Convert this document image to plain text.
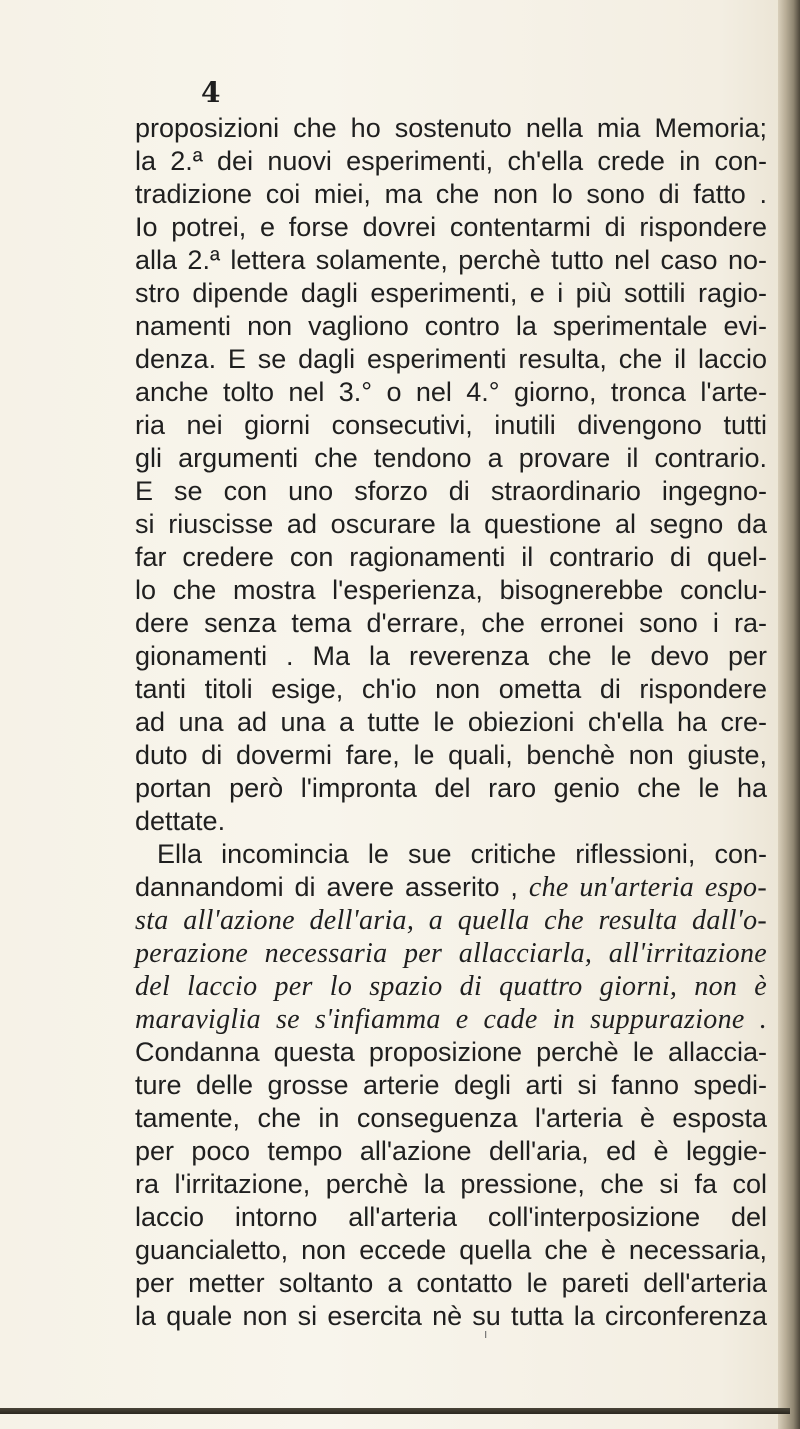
4
proposizioni che ho sostenuto nella mia Memoria;
la 2.ª dei nuovi esperimenti, ch'ella crede in con-
tradizione coi miei, ma che non lo sono di fatto .
Io potrei, e forse dovrei contentarmi di rispondere
alla 2.ª lettera solamente, perchè tutto nel caso no-
stro dipende dagli esperimenti, e i più sottili ragio-
namenti non vagliono contro la sperimentale evi-
denza. E se dagli esperimenti resulta, che il laccio
anche tolto nel 3.° o nel 4.° giorno, tronca l'arte-
ria nei giorni consecutivi, inutili divengono tutti
gli argumenti che tendono a provare il contrario.
E se con uno sforzo di straordinario ingegno-
si riuscisse ad oscurare la questione al segno da
far credere con ragionamenti il contrario di quel-
lo che mostra l'esperienza, bisognerebbe conclu-
dere senza tema d'errare, che erronei sono i ra-
gionamenti . Ma la reverenza che le devo per
tanti titoli esige, ch'io non ometta di rispondere
ad una ad una a tutte le obiezioni ch'ella ha cre-
duto di dovermi fare, le quali, benchè non giuste,
portan però l'impronta del raro genio che le ha
dettate.
Ella incomincia le sue critiche riflessioni, con-
dannandomi di avere asserito , che un'arteria espo-
sta all'azione dell'aria, a quella che resulta dall'o-
perazione necessaria per allacciarla, all'irritazione
del laccio per lo spazio di quattro giorni, non è
maraviglia se s'infiamma e cade in suppurazione .
Condanna questa proposizione perchè le allaccia-
ture delle grosse arterie degli arti si fanno spedi-
tamente, che in conseguenza l'arteria è esposta
per poco tempo all'azione dell'aria, ed è leggie-
ra l'irritazione, perchè la pressione, che si fa col
laccio intorno all'arteria coll'interposizione del
guancialetto, non eccede quella che è necessaria,
per metter soltanto a contatto le pareti dell'arteria
la quale non si esercita nè su tutta la circonferenza
ı
